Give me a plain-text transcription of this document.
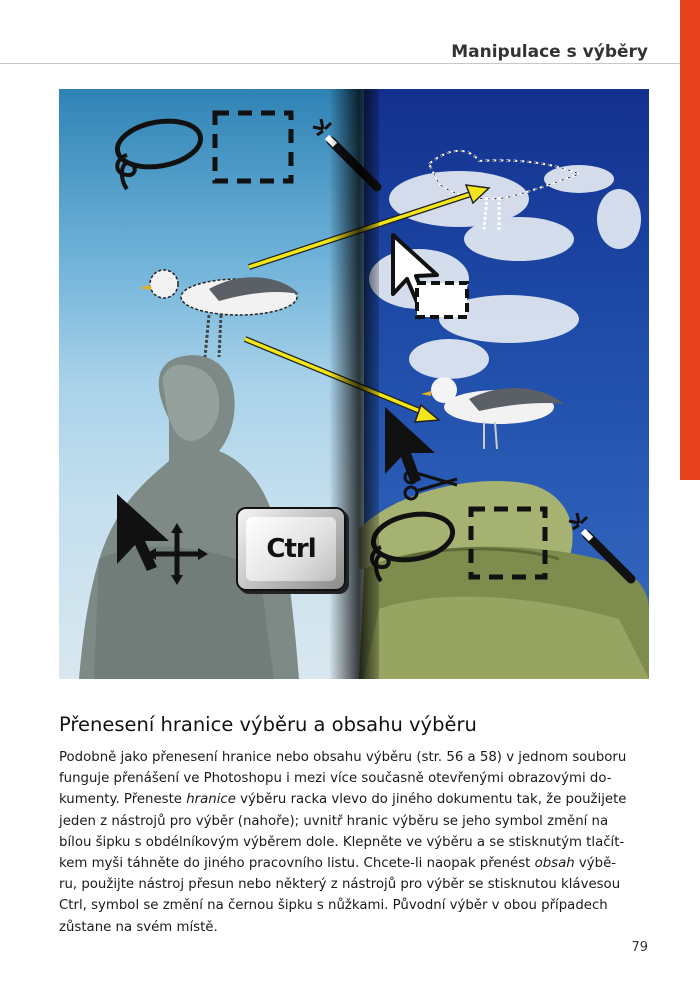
Manipulace s výběry
Ctrl
Přenesení hranice výběru a obsahu výběru

Podobně jako přenesení hranice nebo obsahu výběru (str. 56 a 58) v jednom souboru
funguje přenášení ve Photoshopu i mezi více současně otevřenými obrazovými do-
kumenty. Přeneste hranice výběru racka vlevo do jiného dokumentu tak, že použijete
jeden z nástrojů pro výběr (nahoře); uvnitř hranic výběru se jeho symbol změní na
bílou šipku s obdélníkovým výběrem dole. Klepněte ve výběru a se stisknutým tlačít-
kem myši táhněte do jiného pracovního listu. Chcete-li naopak přenést obsah výbě-
ru, použijte nástroj přesun nebo některý z nástrojů pro výběr se stisknutou klávesou
Ctrl, symbol se změní na černou šipku s nůžkami. Původní výběr v obou případech
zůstane na svém místě.

79
